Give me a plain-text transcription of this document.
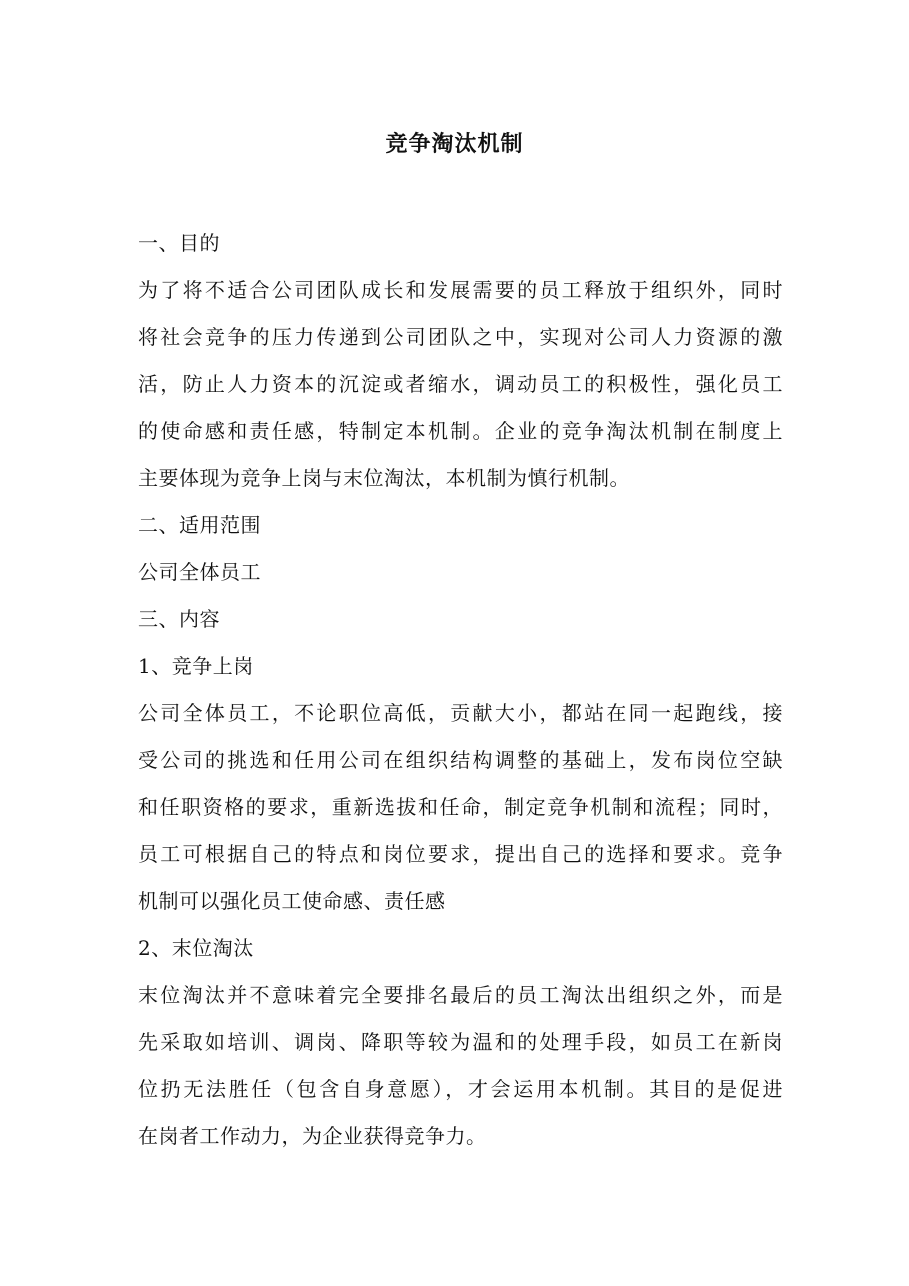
竞争淘汰机制
一、目的
为了将不适合公司团队成长和发展需要的员工释放于组织外，同时
将社会竞争的压力传递到公司团队之中，实现对公司人力资源的激
活，防止人力资本的沉淀或者缩水，调动员工的积极性，强化员工
的使命感和责任感，特制定本机制。企业的竞争淘汰机制在制度上
主要体现为竞争上岗与末位淘汰，本机制为慎行机制。
二、适用范围
公司全体员工
三、内容
1、竞争上岗
公司全体员工，不论职位高低，贡献大小，都站在同一起跑线，接
受公司的挑选和任用公司在组织结构调整的基础上，发布岗位空缺
和任职资格的要求，重新选拔和任命，制定竞争机制和流程；同时，
员工可根据自己的特点和岗位要求，提出自己的选择和要求。竞争
机制可以强化员工使命感、责任感
2、末位淘汰
末位淘汰并不意味着完全要排名最后的员工淘汰出组织之外，而是
先采取如培训、调岗、降职等较为温和的处理手段，如员工在新岗
位扔无法胜任（包含自身意愿），才会运用本机制。其目的是促进
在岗者工作动力，为企业获得竞争力。
